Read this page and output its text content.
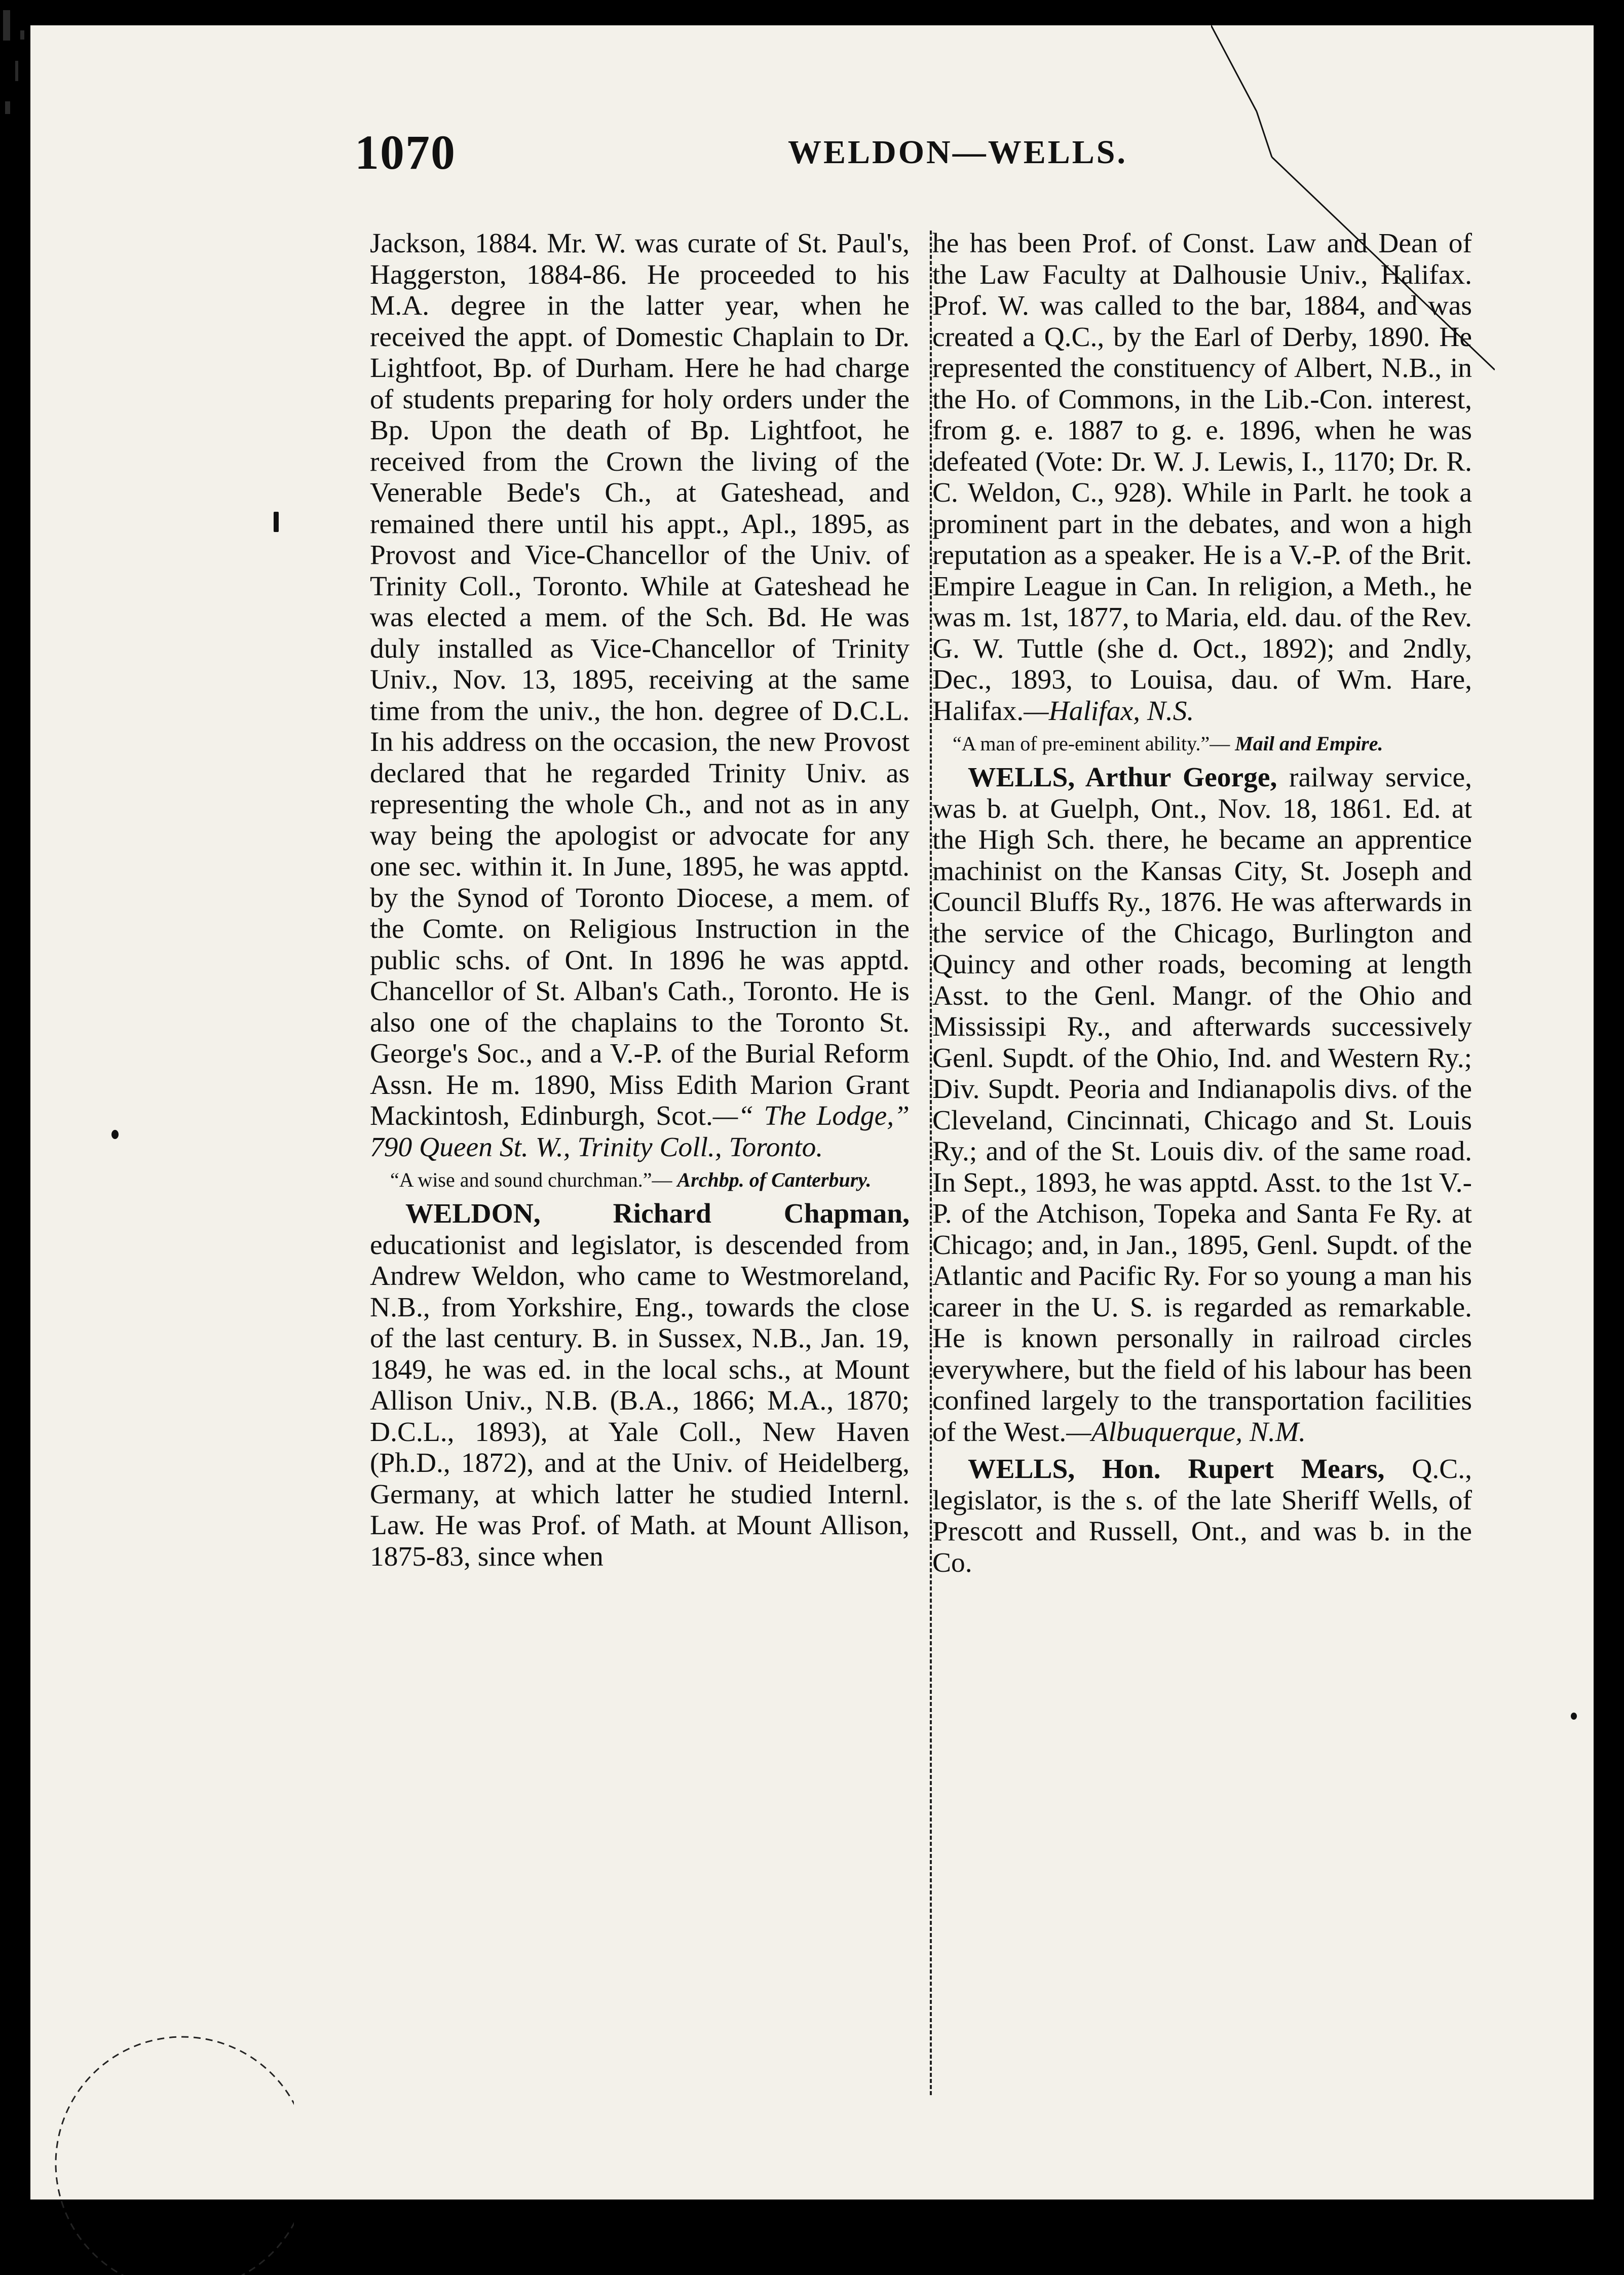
1070	WELDON—WELLS.

Jackson, 1884. Mr. W. was curate of St. Paul's, Haggerston, 1884-86. He proceeded to his M.A. degree in the latter year, when he received the appt. of Domestic Chaplain to Dr. Lightfoot, Bp. of Durham. Here he had charge of students preparing for holy orders under the Bp. Upon the death of Bp. Lightfoot, he received from the Crown the living of the Venerable Bede's Ch., at Gateshead, and remained there until his appt., Apl., 1895, as Provost and Vice-Chancellor of the Univ. of Trinity Coll., Toronto. While at Gateshead he was elected a mem. of the Sch. Bd. He was duly installed as Vice-Chancellor of Trinity Univ., Nov. 13, 1895, receiving at the same time from the univ., the hon. degree of D.C.L. In his address on the occasion, the new Provost declared that he regarded Trinity Univ. as representing the whole Ch., and not as in any way being the apologist or advocate for any one sec. within it. In June, 1895, he was apptd. by the Synod of Toronto Diocese, a mem. of the Comte. on Religious Instruction in the public schs. of Ont. In 1896 he was apptd. Chancellor of St. Alban's Cath., Toronto. He is also one of the chaplains to the Toronto St. George's Soc., and a V.-P. of the Burial Reform Assn. He m. 1890, Miss Edith Marion Grant Mackintosh, Edinburgh, Scot.—“ The Lodge,” 790 Queen St. W., Trinity Coll., Toronto.

“A wise and sound churchman.”— Archbp. of Canterbury.

WELDON, Richard Chapman, educationist and legislator, is descended from Andrew Weldon, who came to Westmoreland, N.B., from Yorkshire, Eng., towards the close of the last century. B. in Sussex, N.B., Jan. 19, 1849, he was ed. in the local schs., at Mount Allison Univ., N.B. (B.A., 1866; M.A., 1870; D.C.L., 1893), at Yale Coll., New Haven (Ph.D., 1872), and at the Univ. of Heidelberg, Germany, at which latter he studied Internl. Law. He was Prof. of Math. at Mount Allison, 1875-83, since when

he has been Prof. of Const. Law and Dean of the Law Faculty at Dalhousie Univ., Halifax. Prof. W. was called to the bar, 1884, and was created a Q.C., by the Earl of Derby, 1890. He represented the constituency of Albert, N.B., in the Ho. of Commons, in the Lib.-Con. interest, from g. e. 1887 to g. e. 1896, when he was defeated (Vote: Dr. W. J. Lewis, I., 1170; Dr. R. C. Weldon, C., 928). While in Parlt. he took a prominent part in the debates, and won a high reputation as a speaker. He is a V.-P. of the Brit. Empire League in Can. In religion, a Meth., he was m. 1st, 1877, to Maria, eld. dau. of the Rev. G. W. Tuttle (she d. Oct., 1892); and 2ndly, Dec., 1893, to Louisa, dau. of Wm. Hare, Halifax.—Halifax, N.S.

“A man of pre-eminent ability.”— Mail and Empire.

WELLS, Arthur George, railway service, was b. at Guelph, Ont., Nov. 18, 1861. Ed. at the High Sch. there, he became an apprentice machinist on the Kansas City, St. Joseph and Council Bluffs Ry., 1876. He was afterwards in the service of the Chicago, Burlington and Quincy and other roads, becoming at length Asst. to the Genl. Mangr. of the Ohio and Mississipi Ry., and afterwards successively Genl. Supdt. of the Ohio, Ind. and Western Ry.; Div. Supdt. Peoria and Indianapolis divs. of the Cleveland, Cincinnati, Chicago and St. Louis Ry.; and of the St. Louis div. of the same road. In Sept., 1893, he was apptd. Asst. to the 1st V.-P. of the Atchison, Topeka and Santa Fe Ry. at Chicago; and, in Jan., 1895, Genl. Supdt. of the Atlantic and Pacific Ry. For so young a man his career in the U. S. is regarded as remarkable. He is known personally in railroad circles everywhere, but the field of his labour has been confined largely to the transportation facilities of the West.—Albuquerque, N.M.

WELLS, Hon. Rupert Mears, Q.C., legislator, is the s. of the late Sheriff Wells, of Prescott and Russell, Ont., and was b. in the Co.
